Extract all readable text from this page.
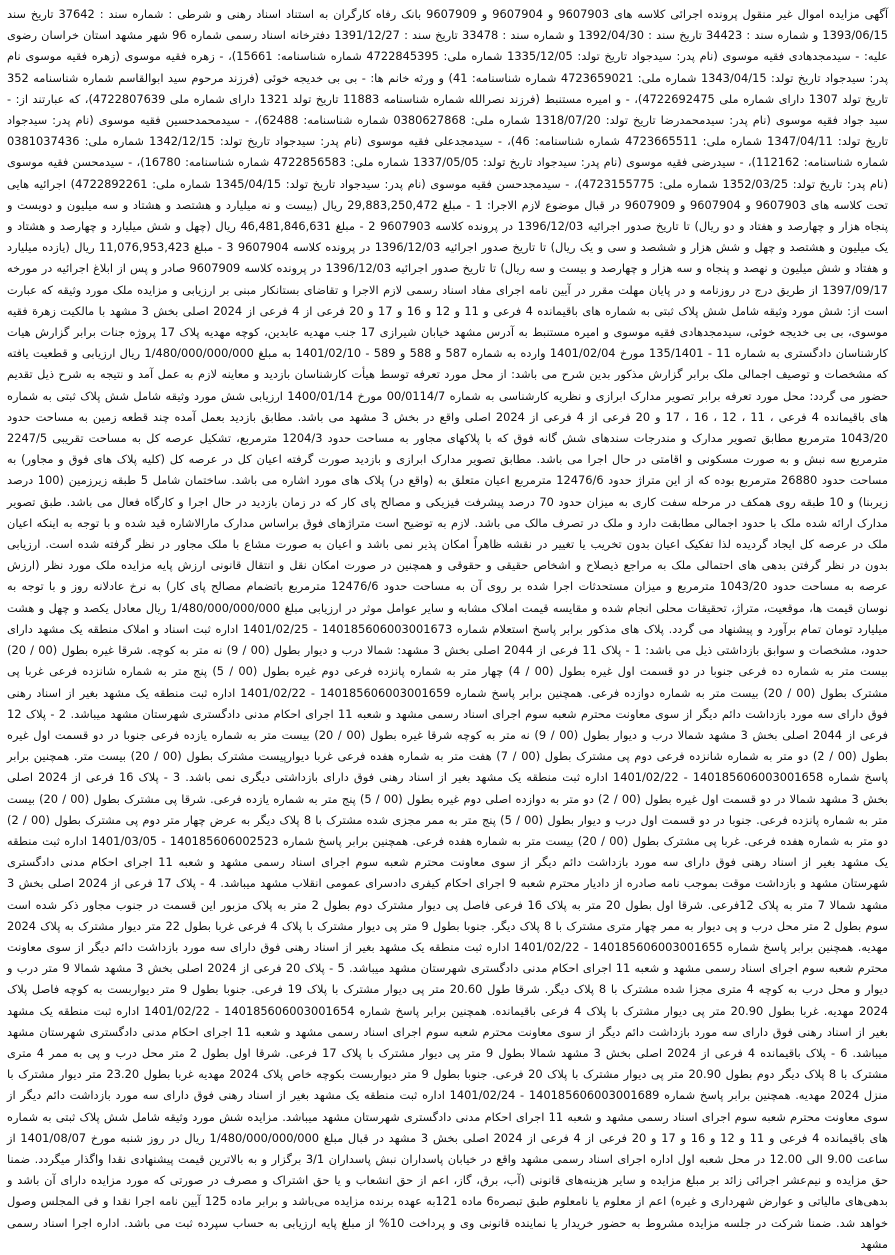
آگهی مزایده اموال غیر منقول پرونده اجرائی کلاسه های 9607903 و 9607904 و 9607909 بانک رفاه کارگران به استناد اسناد رهنی و شرطی : شماره سند : 37642 تاریخ سند 1393/06/15 و شماره سند : 34423 تاریخ سند : 1392/04/30 و شماره سند : 33478 تاریخ سند : 1391/12/27 دفترخانه اسناد رسمی شماره 96 شهر مشهد استان خراسان رضوی علیه: - سیدمجدهادی فقیه موسوی (نام پدر: سیدجواد تاریخ تولد: 1335/12/05 شماره ملی: 4722845395 شماره شناسنامه: 15661)، - زهره فقیه موسوی (زهره فقیه موسوی نام پدر: سیدجواد تاریخ تولد: 1343/04/15 شماره ملی: 4723659021 شماره شناسنامه: 41) و ورثه خانم ها: - بی بی خدیجه خوئی (فرزند مرحوم سید ابوالقاسم شماره شناسنامه 352 تاریخ تولد 1307 دارای شماره ملی 4722692475)، - و امیره مستنبط (فرزند نصرالله شماره شناسنامه 11883 تاریخ تولد 1321 دارای شماره ملی 4722807639)، که عبارتند از: - سید جواد فقیه موسوی (نام پدر: سیدمحمدرضا تاریخ تولد: 1318/07/20 شماره ملی: 0380627868 شماره شناسنامه: 62488)، - سیدمحمدحسین فقیه موسوی (نام پدر: سیدجواد تاریخ تولد: 1347/04/11 شماره ملی: 4723665511 شماره شناسنامه: 46)، - سیدمجدعلی فقیه موسوی (نام پدر: سیدجواد تاریخ تولد: 1342/12/15 شماره ملی: 0381037436 شماره شناسنامه: 112162)، - سیدرضی فقیه موسوی (نام پدر: سیدجواد تاریخ تولد: 1337/05/05 شماره ملی: 4722856583 شماره شناسنامه: 16780)، - سیدمحسن فقیه موسوی (نام پدر: تاریخ تولد: 1352/03/25 شماره ملی: 4723155775)، - سیدمجدحسن فقیه موسوی (نام پدر: سیدجواد تاریخ تولد: 1345/04/15 شماره ملی: 4722892261) اجرائیه هایی تحت کلاسه های 9607903 و 9607904 و 9607909 در قبال موضوع لازم الاجرا: 1 - مبلغ 29,883,250,472 ریال (بیست و نه میلیارد و هشتصد و هشتاد و سه میلیون و دویست و پنجاه هزار و چهارصد و هفتاد و دو ریال) تا تاریخ صدور اجرائیه 1396/12/03 در پرونده کلاسه 9607903 2 - مبلغ 46,481,846,631 ریال (چهل و شش میلیارد و چهارصد و هشتاد و یک میلیون و هشتصد و چهل و شش هزار و ششصد و سی و یک ریال) تا تاریخ صدور اجرائیه 1396/12/03 در پرونده کلاسه 9607904 3 - مبلغ 11,076,953,423 ریال (یازده میلیارد و هفتاد و شش میلیون و نهصد و پنجاه و سه هزار و چهارصد و بیست و سه ریال) تا تاریخ صدور اجرائیه 1396/12/03 در پرونده کلاسه 9607909 صادر و پس از ابلاغ اجرائیه در مورخه 1397/09/17 از طریق درج در روزنامه و در پایان مهلت مقرر در آیین نامه اجرای مفاد اسناد رسمی لازم الاجرا و تقاضای بستانکار مبنی بر ارزیابی و مزایده ملک مورد وثیقه که عبارت است از: شش مورد وثیقه شامل شش پلاک ثبتی به شماره های باقیمانده 4 فرعی و 11 و 12 و 16 و 17 و 20 فرعی از 4 فرعی از 2024 اصلی بخش 3 مشهد با مالکیت زهرة فقیه موسوی، بی بی خدیجه خوئی، سیدمجدهادی فقیه موسوی و امیره مستنبط به آدرس مشهد خیابان شیرازی 17 جنب مهدیه عابدین، کوچه مهدیه پلاک 17 پروژه جنات برابر گزارش هیات کارشناسان دادگستری به شماره 11 - 135/1401 مورخ 1401/02/04 وارده به شماره 587 و 588 و 589 - 1401/02/10 به مبلغ 1/480/000/000/000 ریال ارزیابی و قطعیت یافته که مشخصات و توصیف اجمالی ملک برابر گزارش مذکور بدین شرح می باشد: از محل مورد تعرفه توسط هیأت کارشناسان بازدید و معاینه لازم به عمل آمد و نتیجه به شرح ذیل تقدیم حضور می گردد: محل مورد تعرفه برابر تصویر مدارک ابرازی و نظریه کارشناسی به شماره 00/0114/7 مورخ 1400/01/14 ارزیابی شش مورد وثیقه شامل شش پلاک ثبتی به شماره های باقیمانده 4 فرعی ، 11 ، 12 ، 16 ، 17 و 20 فرعی از 4 فرعی از 2024 اصلی واقع در بخش 3 مشهد می باشد. مطابق بازدید بعمل آمده چند قطعه زمین به مساحت حدود 1043/20 مترمربع مطابق تصویر مدارک و مندرجات سندهای شش گانه فوق که با پلاکهای مجاور به مساحت حدود 1204/3 مترمربع، تشکیل عرصه کل به مساحت تقریبی 2247/5 مترمربع سه نبش و به صورت مسکونی و اقامتی در حال اجرا می باشد. مطابق تصویر مدارک ابرازی و بازدید صورت گرفته اعیان کل در عرصه کل (کلیه پلاک های فوق و مجاور) به مساحت حدود 26880 مترمربع بوده که از این متراژ حدود 12476/6 مترمربع اعیان متعلق به (واقع در) پلاک های مورد اشاره می باشد. ساختمان شامل 5 طبقه زیرزمین (100 درصد زیربنا) و 10 طبقه روی همکف در مرحله سفت کاری به میزان حدود 70 درصد پیشرفت فیزیکی و مصالح پای کار که در زمان بازدید در حال اجرا و کارگاه فعال می باشد. طبق تصویر مدارک ارائه شده ملک با حدود اجمالی مطابقت دارد و ملک در تصرف مالک می باشد. لازم به توضیح است متراژهای فوق براساس مدارک مارالاشاره قید شده و با توجه به اینکه اعیان ملک در عرصه کل ایجاد گردیده لذا تفکیک اعیان بدون تخریب یا تغییر در نقشه ظاهراً امکان پذیر نمی باشد و اعیان به صورت مشاع با ملک مجاور در نظر گرفته شده است. ارزیابی بدون در نظر گرفتن بدهی های احتمالی ملک به مراجع ذیصلاح و اشخاص حقیقی و حقوقی و همچنین در صورت امکان نقل و انتقال قانونی ارزش پایه مزایده ملک مورد نظر (ارزش عرصه به مساحت حدود 1043/20 مترمربع و میزان مستحدثات اجرا شده بر روی آن به مساحت حدود 12476/6 مترمربع باتضمام مصالح پای کار) به نرخ عادلانه روز و با توجه به نوسان قیمت ها، موقعیت، متراژ، تحقیقات محلی انجام شده و مقایسه قیمت املاک مشابه و سایر عوامل موثر در ارزیابی مبلغ 1/480/000/000/000 ریال معادل یکصد و چهل و هشت میلیارد تومان تمام برآورد و پیشنهاد می گردد. پلاک های مذکور برابر پاسخ استعلام شماره 140185606003001673 - 1401/02/25 اداره ثبت اسناد و املاک منطقه یک مشهد دارای حدود، مشخصات و سوابق بازداشتی ذیل می باشد: 1 - پلاک 11 فرعی از 2044 اصلی بخش 3 مشهد: شمالا درب و دیوار بطول (00 / 9) نه متر به کوچه. شرقا غیره بطول (00 / 20) بیست متر به شماره ده فرعی جنوبا در دو قسمت اول غیره بطول (00 / 4) چهار متر به شماره پانزده فرعی دوم غیره بطول (00 / 5) پنج متر به شماره شانزده فرعی غربا پی مشترک بطول (00 / 20) بیست متر به شماره دوازده فرعی. همچنین برابر پاسخ شماره 140185606003001659 - 1401/02/22 اداره ثبت منطقه یک مشهد بغیر از اسناد رهنی فوق دارای سه مورد بازداشت دائم دیگر از سوی معاونت محترم شعبه سوم اجرای اسناد رسمی مشهد و شعبه 11 اجرای احکام مدنی دادگستری شهرستان مشهد میباشد. 2 - پلاک 12 فرعی از 2044 اصلی بخش 3 مشهد شمالا درب و دیوار بطول (00 / 9) نه متر به کوچه شرقا غیره بطول (00 / 20) بیست متر به شماره یازده فرعی جنوبا در دو قسمت اول غیره بطول (00 / 2) دو متر به شماره شانزده فرعی دوم پی مشترک بطول (00 / 7) هفت متر به شماره هفده فرعی غربا دیوارپیست مشترک بطول (00 / 20) بیست متر. همچنین برابر پاسخ شماره 140185606003001658 - 1401/02/22 اداره ثبت منطقه یک مشهد بغیر از اسناد رهنی فوق دارای بازداشتی دیگری نمی باشد. 3 - پلاک 16 فرعی از 2024 اصلی بخش 3 مشهد شمالا در دو قسمت اول غیره بطول (00 / 2) دو متر به دوازده اصلی دوم غیره بطول (00 / 5) پنج متر به شماره یازده فرعی. شرقا پی مشترک بطول (00 / 20) بیست متر به شماره پانزده فرعی. جنوبا در دو قسمت اول درب و دیوار بطول (00 / 5) پنج متر به ممر مجزی شده مشترک با 8 پلاک دیگر به عرض چهار متر دوم پی مشترک بطول (00 / 2) دو متر به شماره هفده فرعی. غربا پی مشترک بطول (00 / 20) بیست متر به شماره هفده فرعی. همچنین برابر پاسخ شماره 140185606002523 - 1401/03/05 اداره ثبت منطقه یک مشهد بغیر از اسناد رهنی فوق دارای سه مورد بازداشت دائم دیگر از سوی معاونت محترم شعبه سوم اجرای اسناد رسمی مشهد و شعبه 11 اجرای احکام مدنی دادگستری شهرستان مشهد و بازداشت موقت بموجب نامه صادره از دادیار محترم شعبه 9 اجرای احکام کیفری دادسرای عمومی انقلاب مشهد میباشد. 4 - پلاک 17 فرعی از 2024 اصلی بخش 3 مشهد شمالا 7 متر به پلاک 12فرعی. شرقا اول بطول 20 متر به پلاک 16 فرعی فاصل پی دیوار مشترک دوم بطول 2 متر به پلاک مزبور این قسمت در جنوب مجاور ذکر شده است سوم بطول 2 متر محل درب و پی دیوار به ممر چهار متری مشترک با 8 پلاک دیگر. جنوبا بطول 9 متر پی دیوار مشترک با پلاک 4 فرعی غربا بطول 22 متر دیوار مشترک به پلاک 2024 مهدیه. همچنین برابر پاسخ شماره 140185606003001655 - 1401/02/22 اداره ثبت منطقه یک مشهد بغیر از اسناد رهنی فوق دارای سه مورد بازداشت دائم دیگر از سوی معاونت محترم شعبه سوم اجرای اسناد رسمی مشهد و شعبه 11 اجرای احکام مدنی دادگستری شهرستان مشهد میباشد. 5 - پلاک 20 فرعی از 2024 اصلی بخش 3 مشهد شمالا 9 متر درب و دیوار و محل درب به کوچه 4 متری مجزا شده مشترک با 8 پلاک دیگر. شرقا طول 20.60 متر پی دیوار مشترک با پلاک 19 فرعی. جنوبا بطول 9 متر دیواربست به کوچه فاصل پلاک 2024 مهدیه. غربا بطول 20.90 متر پی دیوار مشترک با پلاک 4 فرعی باقیمانده. همچنین برابر پاسخ شماره 140185606003001654 - 1401/02/22 اداره ثبت منطقه یک مشهد بغیر از اسناد رهنی فوق دارای سه مورد بازداشت دائم دیگر از سوی معاونت محترم شعبه سوم اجرای اسناد رسمی مشهد و شعبه 11 اجرای احکام مدنی دادگستری شهرستان مشهد میباشد. 6 - پلاک باقیمانده 4 فرعی از 2024 اصلی بخش 3 مشهد شمالا بطول 9 متر پی دیوار مشترک با پلاک 17 فرعی. شرقا اول بطول 2 متر محل درب و پی به ممر 4 متری مشترک با 8 پلاک دیگر دوم بطول 20.90 متر پی دیوار مشترک با پلاک 20 فرعی. جنوبا بطول 9 متر دیواربست بکوچه خاص پلاک 2024 مهدیه غربا بطول 23.20 متر دیوار مشترک با منزل 2024 مهدیه. همچنین برابر پاسخ شماره 140185606003001689 - 1401/02/24 اداره ثبت منطقه یک مشهد بغیر از اسناد رهنی فوق دارای سه مورد بازداشت دائم دیگر از سوی معاونت محترم شعبه سوم اجرای اسناد رسمی مشهد و شعبه 11 اجرای احکام مدنی دادگستری شهرستان مشهد میباشد. مزایده شش مورد وثیقه شامل شش پلاک ثبتی به شماره های باقیمانده 4 فرعی و 11 و 12 و 16 و 17 و 20 فرعی از 4 فرعی از 2024 اصلی بخش 3 مشهد در قبال مبلغ 1/480/000/000/000 ریال در روز شنبه مورخ 1401/08/07 از ساعت 9.00 الی 12.00 در محل شعبه اول اداره اجرای اسناد رسمی مشهد واقع در خیابان پاسداران نبش پاسداران 3/1 برگزار و به بالاترین قیمت پیشنهادی نقدا واگذار میگردد. ضمنا حق مزایده و نیم‌عشر اجرائی زائد بر مبلغ مزایده و سایر هزینه‌های قانونی (آب، برق، گاز، اعم از حق انشعاب و یا حق اشتراک و مصرف در صورتی که مورد مزایده دارای آن باشد و بدهی‌های مالیاتی و عوارض شهرداری و غیره) اعم از معلوم یا نامعلوم طبق تبصره6 ماده 121به عهده برنده مزایده می‌باشد و برابر ماده 125 آیین نامه اجرا نقدا و فی المجلس وصول خواهد شد. ضمنا شرکت در جلسه مزایده مشروط به حضور خریدار یا نماینده قانونی وی و پرداخت 10% از مبلغ پایه ارزیابی به حساب سپرده ثبت می باشد. اداره اجرا اسناد رسمی مشهد
